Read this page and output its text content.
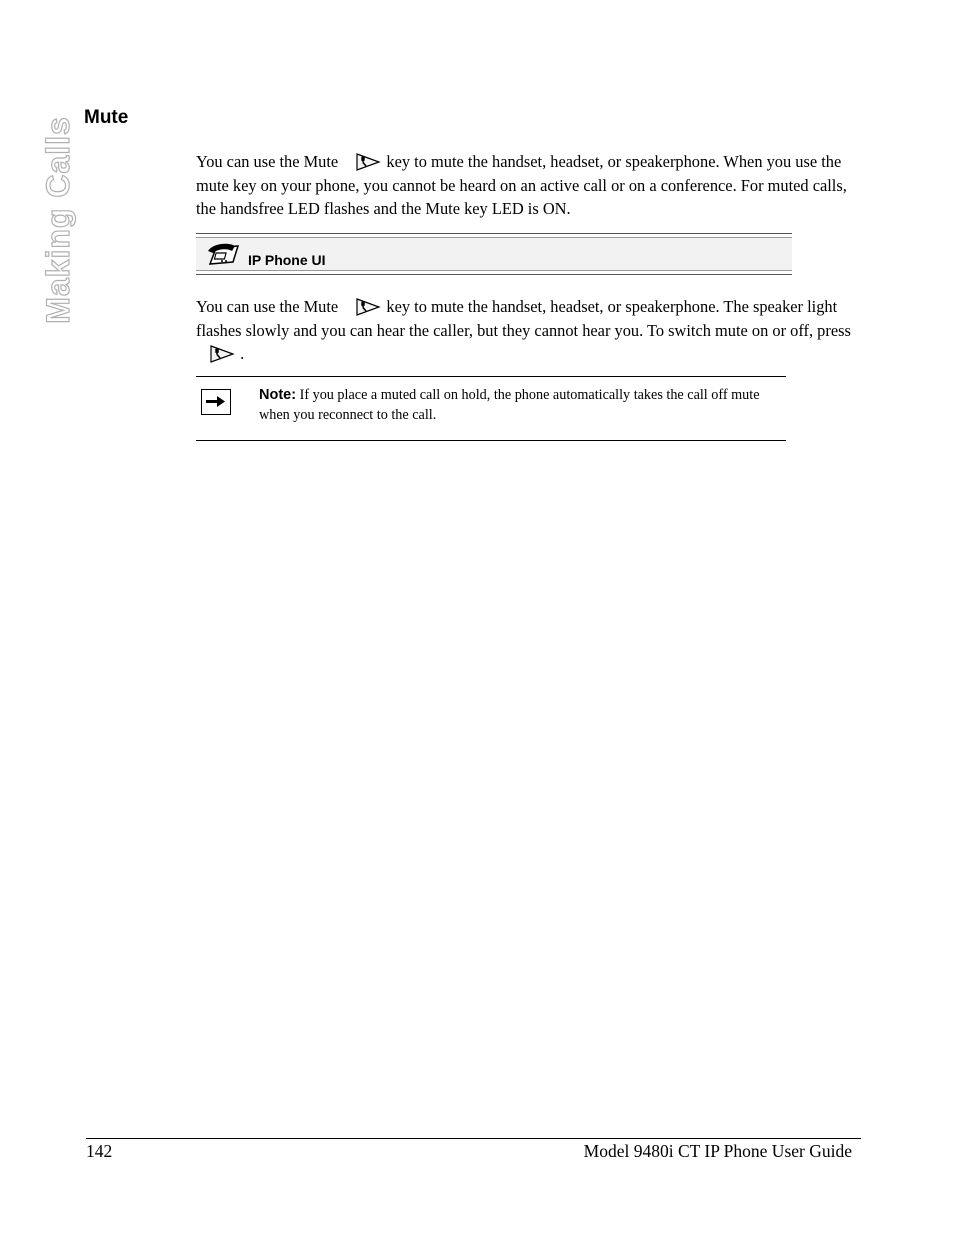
Making Calls Mute

You can use the Mute	key to mute the handset, headset, or speakerphone. When you use the mute key on your phone, you cannot be heard on an active call or on a conference. For muted calls, the handsfree LED flashes and the Mute key LED is ON.

IP Phone UI

You can use the Mute	key to mute the handset, headset, or speakerphone. The speaker light flashes slowly and you can hear the caller, but they cannot hear you. To switch mute on or off, press
.

Note: If you place a muted call on hold, the phone automatically takes the call off mute when you reconnect to the call.

142	Model 9480i CT IP Phone User Guide
